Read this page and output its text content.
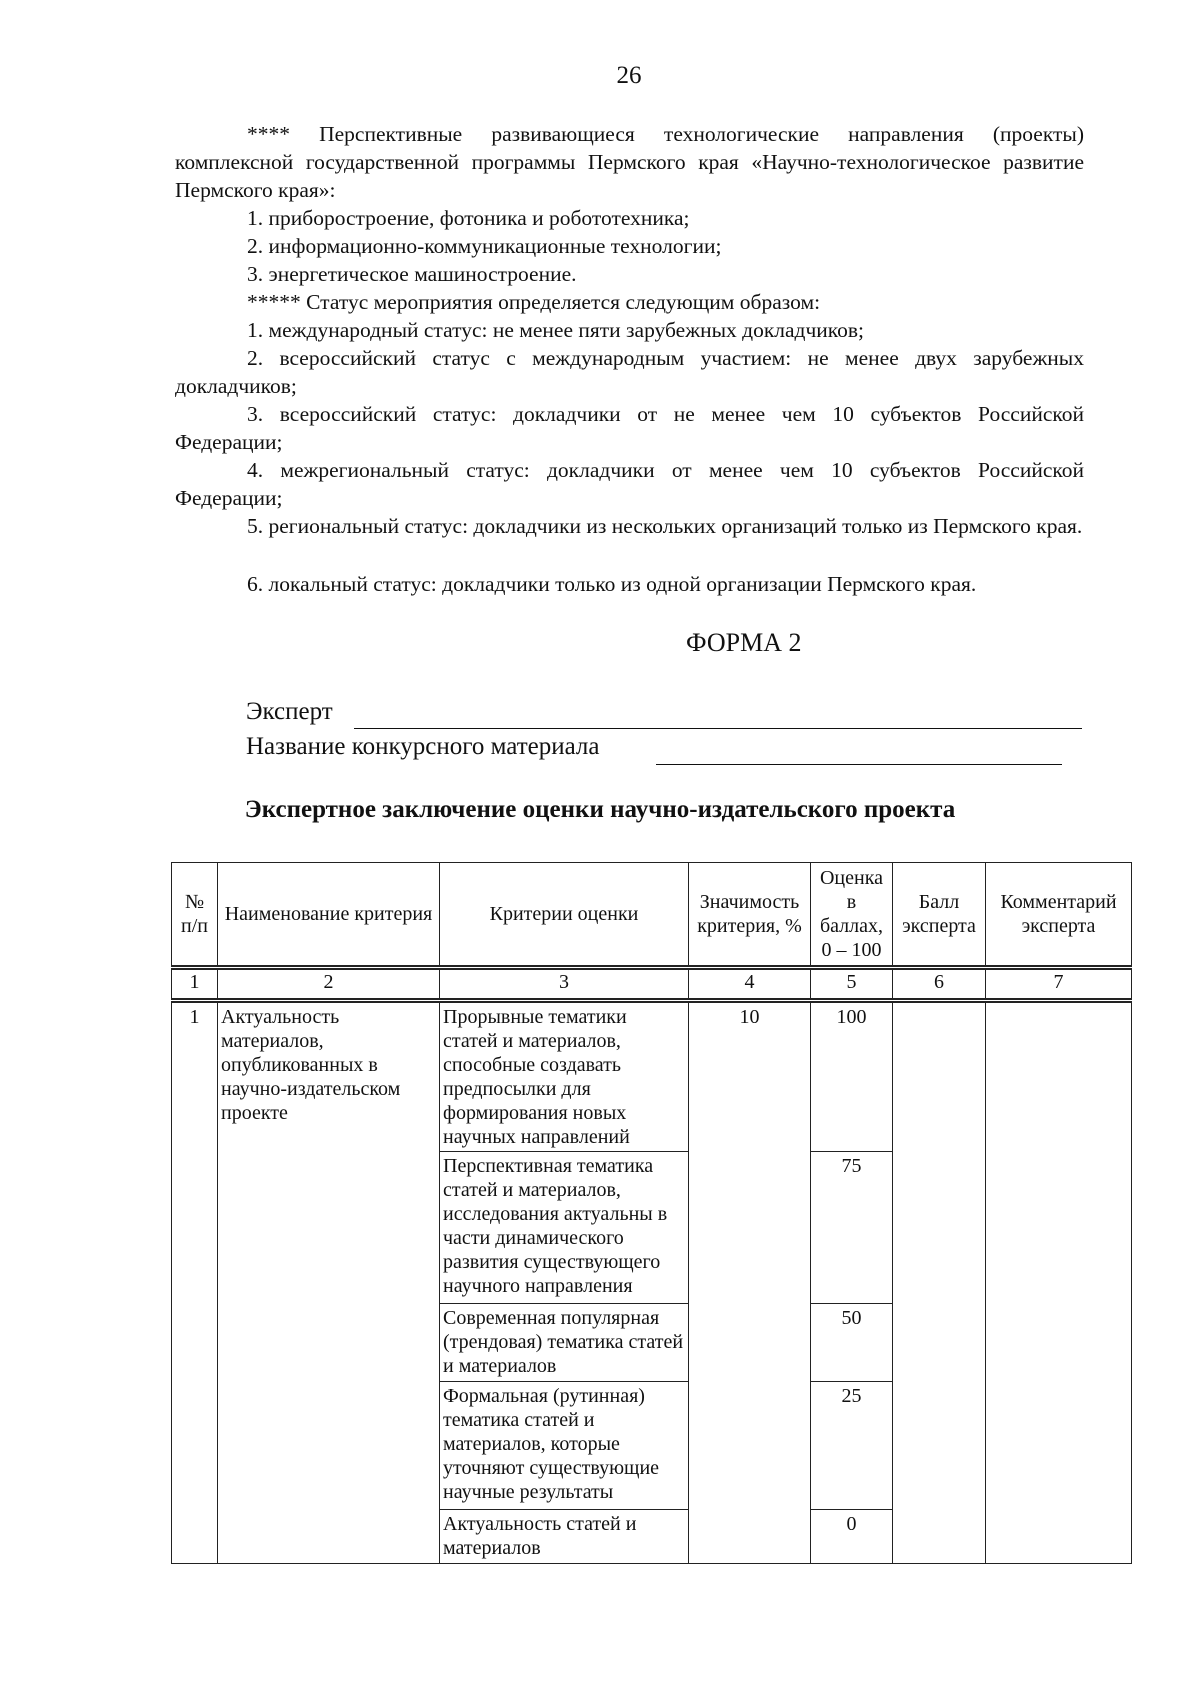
26
**** Перспективные развивающиеся технологические направления (проекты) комплексной государственной программы Пермского края «Научно-технологическое развитие Пермского края»:
1. приборостроение, фотоника и робототехника;
2. информационно-коммуникационные технологии;
3. энергетическое машиностроение.
***** Статус мероприятия определяется следующим образом:
1. международный статус: не менее пяти зарубежных докладчиков;
2. всероссийский статус с международным участием: не менее двух зарубежных докладчиков;
3. всероссийский статус: докладчики от не менее чем 10 субъектов Российской Федерации;
4. межрегиональный статус: докладчики от менее чем 10 субъектов Российской Федерации;
5. региональный статус: докладчики из нескольких организаций только из Пермского края.
6. локальный статус: докладчики только из одной организации Пермского края.
ФОРМА 2
Эксперт
Название конкурсного материала
Экспертное заключение оценки научно-издательского проекта
№ п/п	Наименование критерия	Критерии оценки	Значимость критерия, %	Оценка в баллах, 0 – 100	Балл эксперта	Комментарий эксперта
1	2	3	4	5	6	7
1	Актуальность материалов, опубликованных в научно-издательском проекте	Прорывные тематики статей и материалов, способные создавать предпосылки для формирования новых научных направлений	10	100		
		Перспективная тематика статей и материалов, исследования актуальны в части динамического развития существующего научного направления		75		
		Современная популярная (трендовая) тематика статей и материалов		50		
		Формальная (рутинная) тематика статей и материалов, которые уточняют существующие научные результаты		25		
		Актуальность статей и материалов		0		
